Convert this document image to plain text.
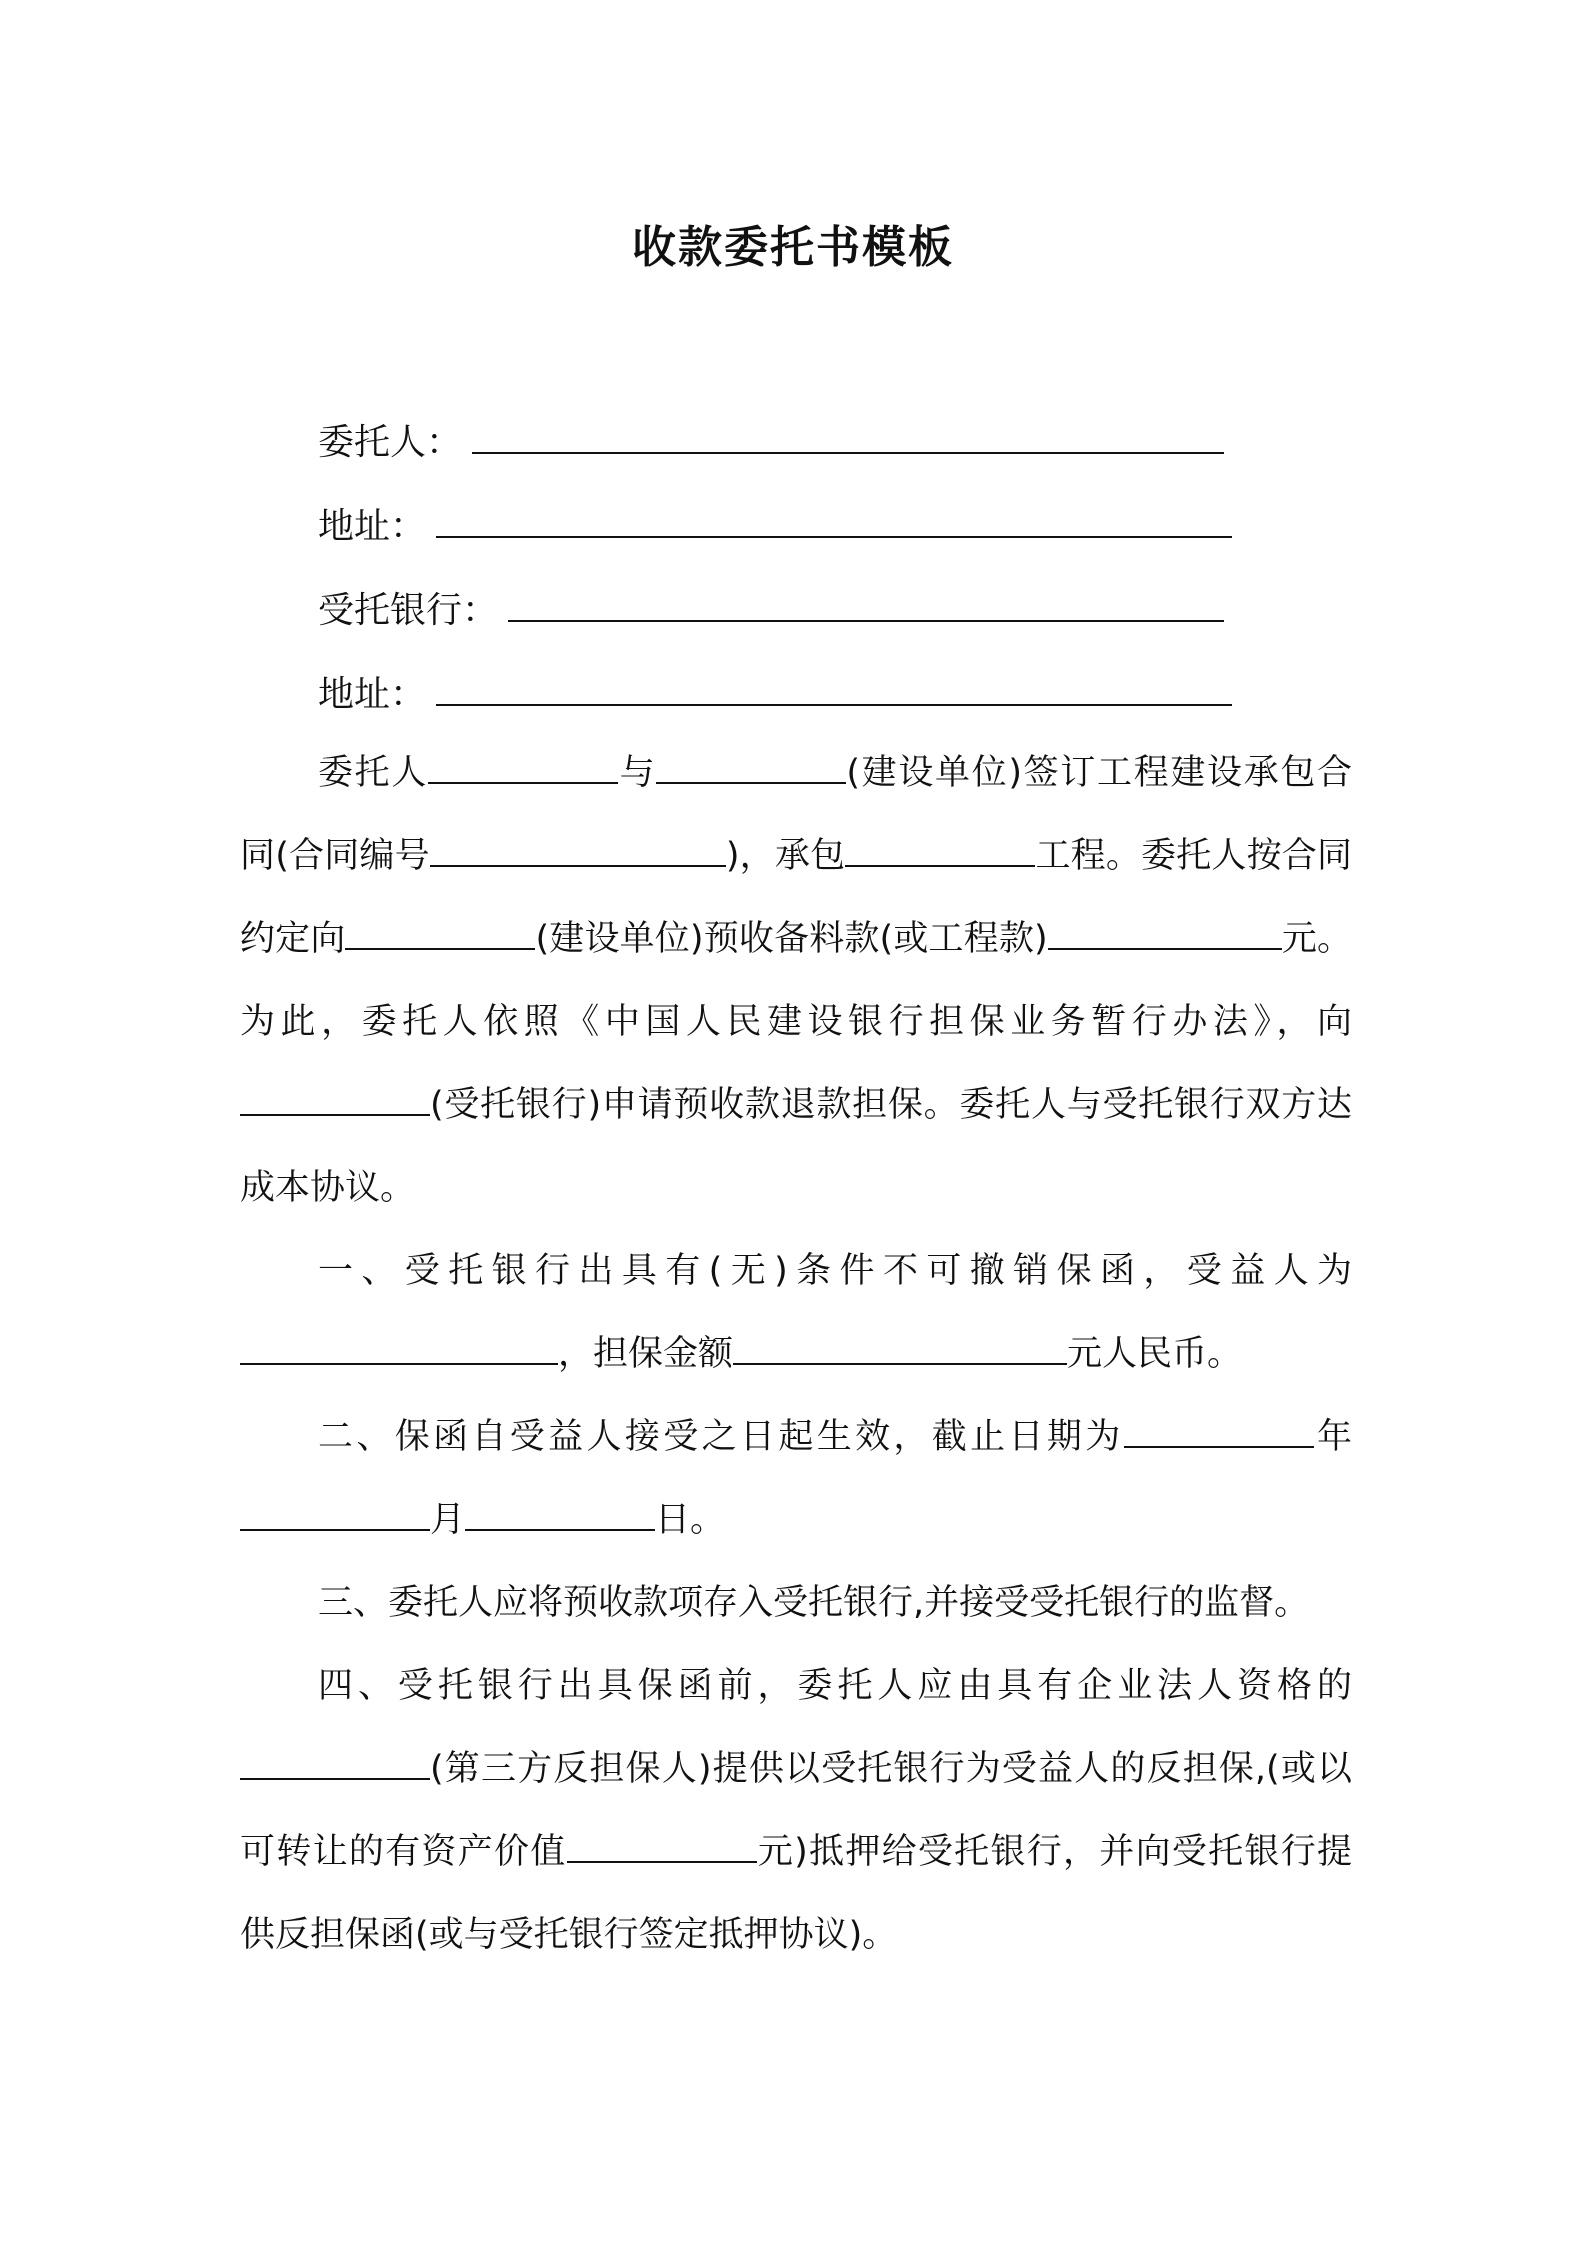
收款委托书模板
委托人：
地址：
受托银行：
地址：

委托人	与	(建设单位)签订工程建设承包合同(合同编号	)，承包	工程。委托人按合同约定向	(建设单位)预收备料款(或工程款)	元。为此，委托人依照《中国人民建设银行担保业务暂行办法》，向(受托银行)申请预收款退款担保。委托人与受托银行双方达成本协议。

一、受托银行出具有(无)条件不可撤销保函，受益人为，担保金额	元人民币。

二、保函自受益人接受之日起生效，截止日期为	年月	日。

三、委托人应将预收款项存入受托银行,并接受受托银行的监督。

四、受托银行出具保函前，委托人应由具有企业法人资格的(第三方反担保人)提供以受托银行为受益人的反担保,(或以可转让的有资产价值	元)抵押给受托银行，并向受托银行提供反担保函(或与受托银行签定抵押协议)。
